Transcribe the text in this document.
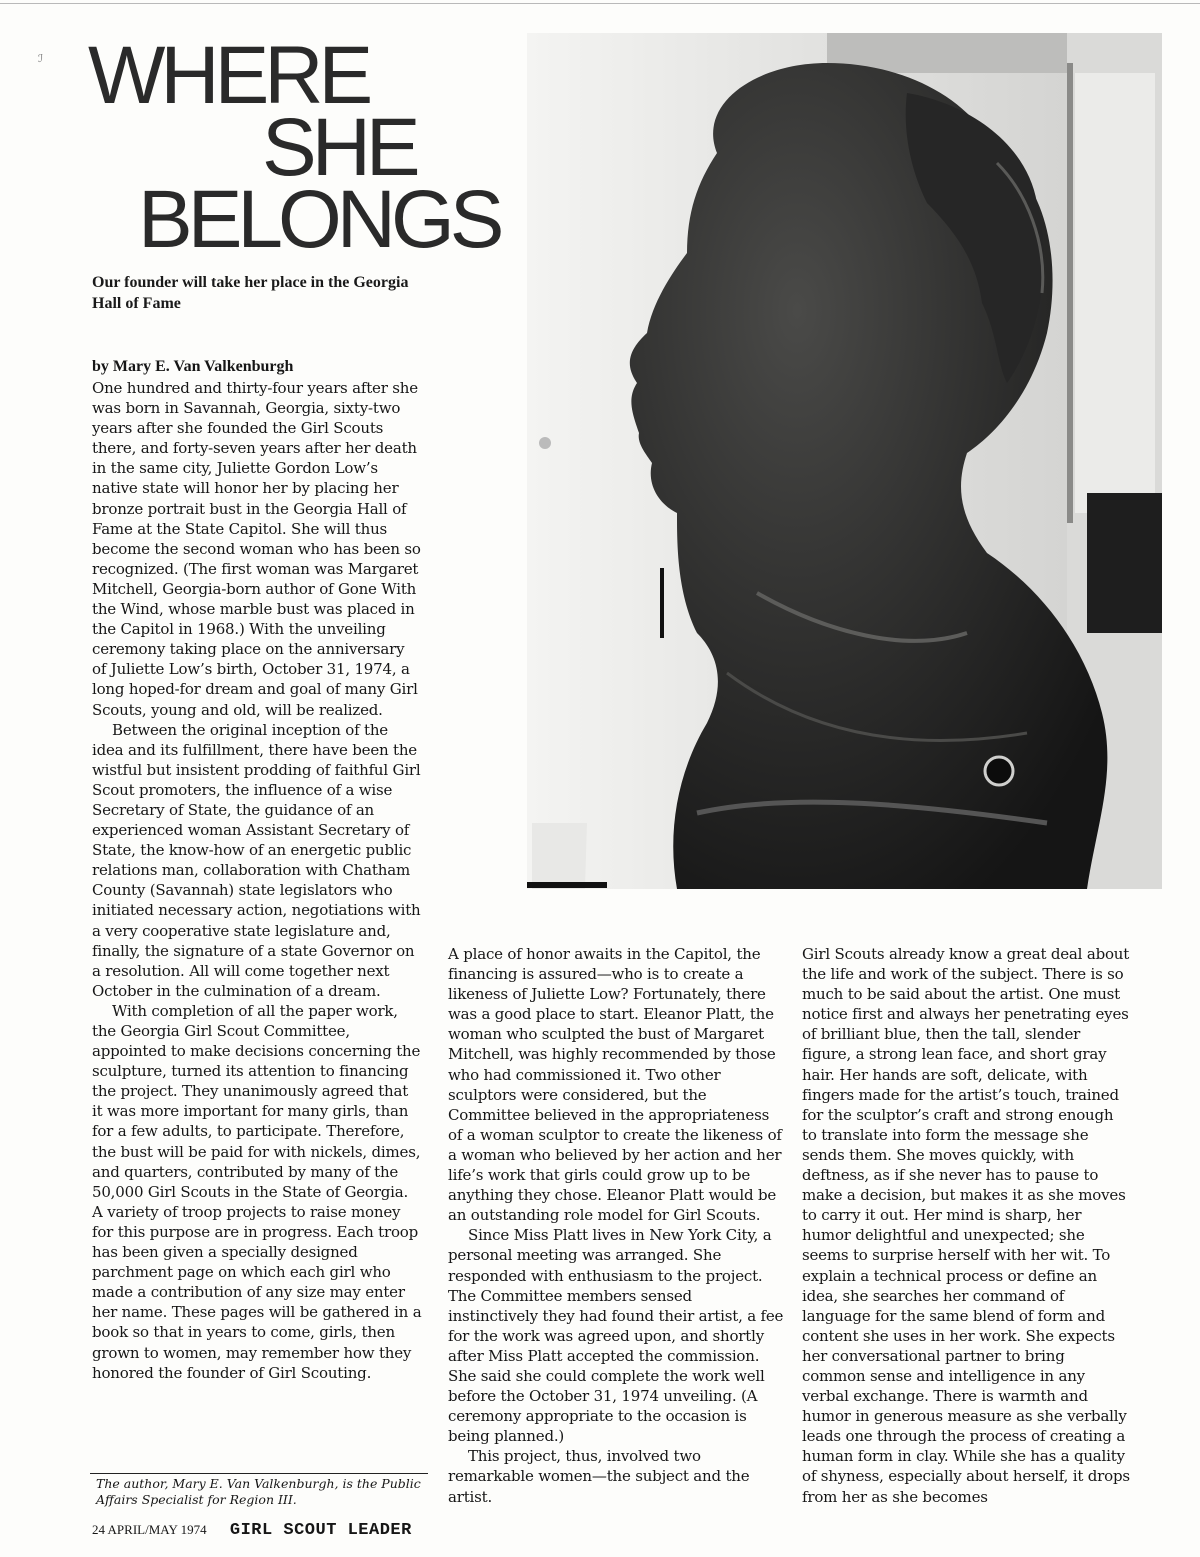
ℐ WHERE
SHE
BELONGS
Our founder will take her place in the Georgia Hall of Fame
by Mary E. Van Valkenburgh

One hundred and thirty-four years after she was born in Savannah, Georgia, sixty-two years after she founded the Girl Scouts there, and forty-seven years after her death in the same city, Juliette Gordon Low’s native state will honor her by placing her bronze portrait bust in the Georgia Hall of Fame at the State Capitol. She will thus become the second woman who has been so recognized. (The first woman was Margaret Mitchell, Georgia-born author of Gone With the Wind, whose marble bust was placed in the Capitol in 1968.) With the unveiling ceremony taking place on the anniversary of Juliette Low’s birth, October 31, 1974, a long hoped-for dream and goal of many Girl Scouts, young and old, will be realized.

Between the original inception of the idea and its fulfillment, there have been the wistful but insistent prodding of faithful Girl Scout promoters, the influence of a wise Secretary of State, the guidance of an experienced woman Assistant Secretary of State, the know-how of an energetic public relations man, collaboration with Chatham County (Savannah) state legislators who initiated necessary action, negotiations with a very cooperative state legislature and, finally, the signature of a state Governor on a resolution. All will come together next October in the culmination of a dream.

With completion of all the paper work, the Georgia Girl Scout Committee, appointed to make decisions concerning the sculpture, turned its attention to financing the project. They unanimously agreed that it was more important for many girls, than for a few adults, to participate. Therefore, the bust will be paid for with nickels, dimes, and quarters, contributed by many of the 50,000 Girl Scouts in the State of Georgia. A variety of troop projects to raise money for this purpose are in progress. Each troop has been given a specially designed parchment page on which each girl who made a contribution of any size may enter her name. These pages will be gathered in a book so that in years to come, girls, then grown to women, may remember how they honored the founder of Girl Scouting.

The author, Mary E. Van Valkenburgh, is the Public Affairs Specialist for Region III.

A place of honor awaits in the Capitol, the financing is assured—who is to create a likeness of Juliette Low? Fortunately, there was a good place to start. Eleanor Platt, the woman who sculpted the bust of Margaret Mitchell, was highly recommended by those who had commissioned it. Two other sculptors were considered, but the Committee believed in the appropriateness of a woman sculptor to create the likeness of a woman who believed by her action and her life’s work that girls could grow up to be anything they chose. Eleanor Platt would be an outstanding role model for Girl Scouts.

Since Miss Platt lives in New York City, a personal meeting was arranged. She responded with enthusiasm to the project. The Committee members sensed instinctively they had found their artist, a fee for the work was agreed upon, and shortly after Miss Platt accepted the commission. She said she could complete the work well before the October 31, 1974 unveiling. (A ceremony appropriate to the occasion is being planned.)

This project, thus, involved two remarkable women—the subject and the artist.

Girl Scouts already know a great deal about the life and work of the subject. There is so much to be said about the artist. One must notice first and always her penetrating eyes of brilliant blue, then the tall, slender figure, a strong lean face, and short gray hair. Her hands are soft, delicate, with fingers made for the artist’s touch, trained for the sculptor’s craft and strong enough to translate into form the message she sends them. She moves quickly, with deftness, as if she never has to pause to make a decision, but makes it as she moves to carry it out. Her mind is sharp, her humor delightful and unexpected; she seems to surprise herself with her wit. To explain a technical process or define an idea, she searches her command of language for the same blend of form and content she uses in her work. She expects her conversational partner to bring common sense and intelligence in any verbal exchange. There is warmth and humor in generous measure as she verbally leads one through the process of creating a human form in clay. While she has a quality of shyness, especially about herself, it drops from her as she becomes

24 APRIL/MAY 1974 GIRL SCOUT LEADER
